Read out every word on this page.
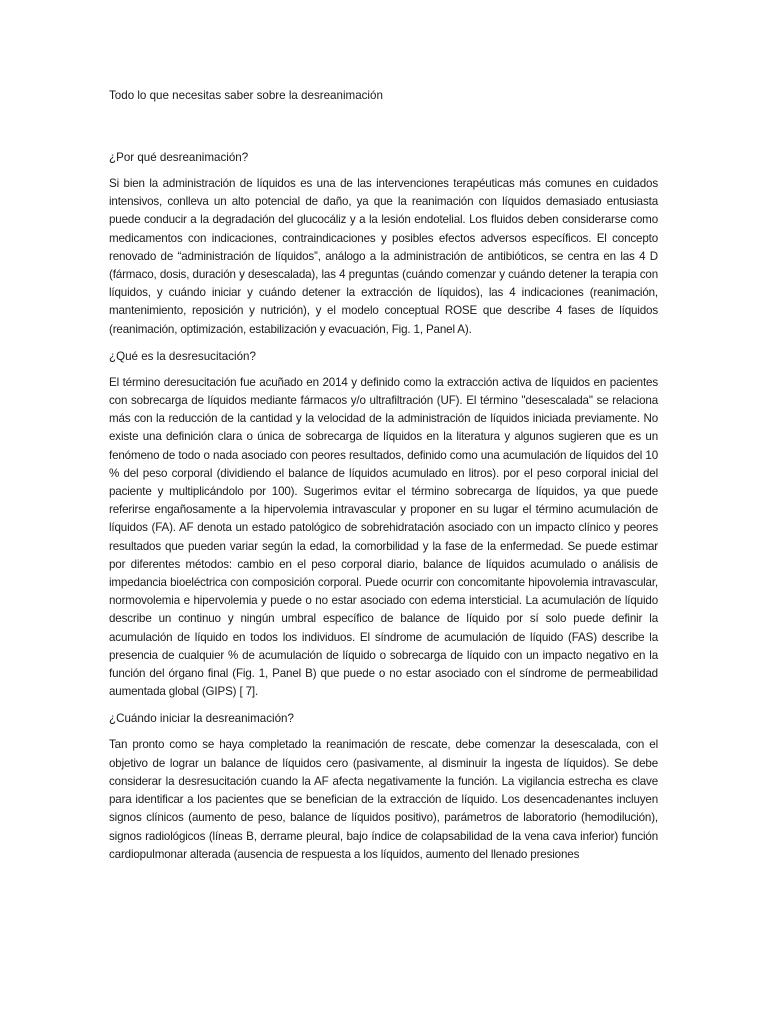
Todo lo que necesitas saber sobre la desreanimación

¿Por qué desreanimación?

Si bien la administración de líquidos es una de las intervenciones terapéuticas más comunes en cuidados intensivos, conlleva un alto potencial de daño, ya que la reanimación con líquidos demasiado entusiasta puede conducir a la degradación del glucocáliz y a la lesión endotelial. Los fluidos deben considerarse como medicamentos con indicaciones, contraindicaciones y posibles efectos adversos específicos. El concepto renovado de “administración de líquidos”, análogo a la administración de antibióticos, se centra en las 4 D (fármaco, dosis, duración y desescalada), las 4 preguntas (cuándo comenzar y cuándo detener la terapia con líquidos, y cuándo iniciar y cuándo detener la extracción de líquidos), las 4 indicaciones (reanimación, mantenimiento, reposición y nutrición), y el modelo conceptual ROSE que describe 4 fases de líquidos (reanimación, optimización, estabilización y evacuación, Fig. 1, Panel A).

¿Qué es la desresucitación?

El término deresucitación fue acuñado en 2014 y definido como la extracción activa de líquidos en pacientes con sobrecarga de líquidos mediante fármacos y/o ultrafiltración (UF). El término "desescalada" se relaciona más con la reducción de la cantidad y la velocidad de la administración de líquidos iniciada previamente. No existe una definición clara o única de sobrecarga de líquidos en la literatura y algunos sugieren que es un fenómeno de todo o nada asociado con peores resultados, definido como una acumulación de líquidos del 10 % del peso corporal (dividiendo el balance de líquidos acumulado en litros). por el peso corporal inicial del paciente y multiplicándolo por 100). Sugerimos evitar el término sobrecarga de líquidos, ya que puede referirse engañosamente a la hipervolemia intravascular y proponer en su lugar el término acumulación de líquidos (FA). AF denota un estado patológico de sobrehidratación asociado con un impacto clínico y peores resultados que pueden variar según la edad, la comorbilidad y la fase de la enfermedad. Se puede estimar por diferentes métodos: cambio en el peso corporal diario, balance de líquidos acumulado o análisis de impedancia bioeléctrica con composición corporal. Puede ocurrir con concomitante hipovolemia intravascular, normovolemia e hipervolemia y puede o no estar asociado con edema intersticial. La acumulación de líquido describe un continuo y ningún umbral específico de balance de líquido por sí solo puede definir la acumulación de líquido en todos los individuos. El síndrome de acumulación de líquido (FAS) describe la presencia de cualquier % de acumulación de líquido o sobrecarga de líquido con un impacto negativo en la función del órgano final (Fig. 1, Panel B) que puede o no estar asociado con el síndrome de permeabilidad aumentada global (GIPS) [ 7].

¿Cuándo iniciar la desreanimación?

Tan pronto como se haya completado la reanimación de rescate, debe comenzar la desescalada, con el objetivo de lograr un balance de líquidos cero (pasivamente, al disminuir la ingesta de líquidos). Se debe considerar la desresucitación cuando la AF afecta negativamente la función. La vigilancia estrecha es clave para identificar a los pacientes que se benefician de la extracción de líquido. Los desencadenantes incluyen signos clínicos (aumento de peso, balance de líquidos positivo), parámetros de laboratorio (hemodilución), signos radiológicos (líneas B, derrame pleural, bajo índice de colapsabilidad de la vena cava inferior) función cardiopulmonar alterada (ausencia de respuesta a los líquidos, aumento del llenado presiones
